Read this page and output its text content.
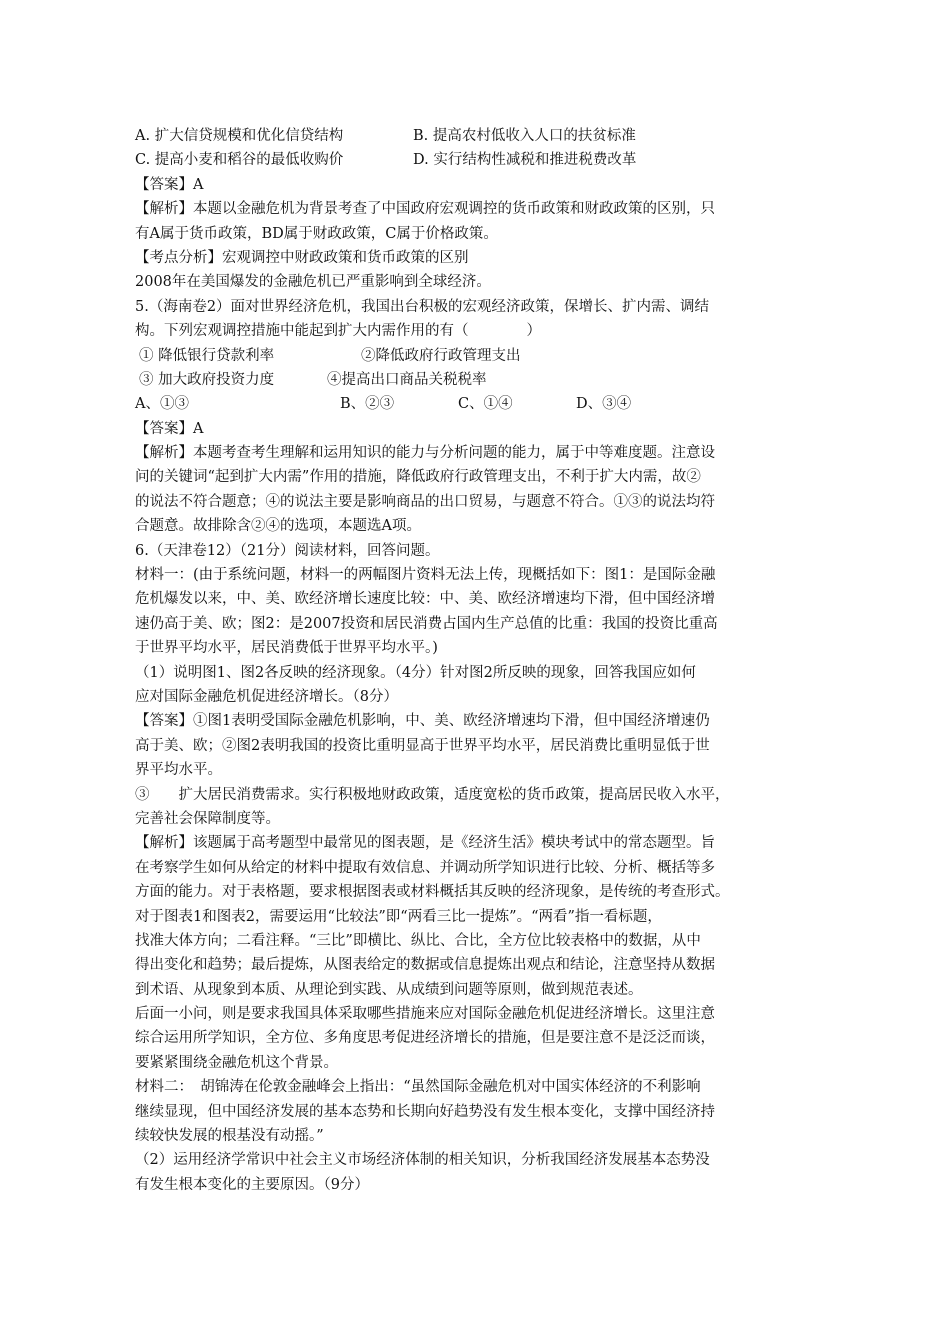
A. 扩大信贷规模和优化信贷结构	B. 提高农村低收入人口的扶贫标准
C. 提高小麦和稻谷的最低收购价	D. 实行结构性减税和推进税费改革
【答案】A
【解析】本题以金融危机为背景考查了中国政府宏观调控的货币政策和财政政策的区别，只
有A属于货币政策，BD属于财政政策，C属于价格政策。
【考点分析】宏观调控中财政政策和货币政策的区别
2008年在美国爆发的金融危机已严重影响到全球经济。
5.（海南卷2）面对世界经济危机，我国出台积极的宏观经济政策，保增长、扩内需、调结
构。下列宏观调控措施中能起到扩大内需作用的有（　　　　）
① 降低银行贷款利率	②降低政府行政管理支出
③ 加大政府投资力度	④提高出口商品关税税率
A、①③	B、②③	C、①④	D、③④
【答案】A
【解析】本题考查考生理解和运用知识的能力与分析问题的能力，属于中等难度题。注意设
问的关键词“起到扩大内需”作用的措施，降低政府行政管理支出，不利于扩大内需，故②
的说法不符合题意；④的说法主要是影响商品的出口贸易，与题意不符合。①③的说法均符
合题意。故排除含②④的选项，本题选A项。
6.（天津卷12）（21分）阅读材料，回答问题。
材料一：(由于系统问题，材料一的两幅图片资料无法上传，现概括如下：图1：是国际金融
危机爆发以来，中、美、欧经济增长速度比较：中、美、欧经济增速均下滑，但中国经济增
速仍高于美、欧；图2：是2007投资和居民消费占国内生产总值的比重：我国的投资比重高
于世界平均水平，居民消费低于世界平均水平。)
（1）说明图1、图2各反映的经济现象。（4分）针对图2所反映的现象，回答我国应如何
应对国际金融危机促进经济增长。（8分）
【答案】①图1表明受国际金融危机影响，中、美、欧经济增速均下滑，但中国经济增速仍
高于美、欧；②图2表明我国的投资比重明显高于世界平均水平，居民消费比重明显低于世
界平均水平。
③　　扩大居民消费需求。实行积极地财政政策，适度宽松的货币政策，提高居民收入水平，
完善社会保障制度等。
【解析】该题属于高考题型中最常见的图表题，是《经济生活》模块考试中的常态题型。旨
在考察学生如何从给定的材料中提取有效信息、并调动所学知识进行比较、分析、概括等多
方面的能力。对于表格题，要求根据图表或材料概括其反映的经济现象，是传统的考查形式。
对于图表1和图表2，需要运用“比较法”即“两看三比一提炼”。“两看”指一看标题，
找准大体方向；二看注释。“三比”即横比、纵比、合比，全方位比较表格中的数据，从中
得出变化和趋势；最后提炼，从图表给定的数据或信息提炼出观点和结论，注意坚持从数据
到术语、从现象到本质、从理论到实践、从成绩到问题等原则，做到规范表述。
后面一小问，则是要求我国具体采取哪些措施来应对国际金融危机促进经济增长。这里注意
综合运用所学知识，全方位、多角度思考促进经济增长的措施，但是要注意不是泛泛而谈，
要紧紧围绕金融危机这个背景。
材料二：　胡锦涛在伦敦金融峰会上指出：“虽然国际金融危机对中国实体经济的不利影响
继续显现，但中国经济发展的基本态势和长期向好趋势没有发生根本变化，支撑中国经济持
续较快发展的根基没有动摇。”
（2）运用经济学常识中社会主义市场经济体制的相关知识，分析我国经济发展基本态势没
有发生根本变化的主要原因。（9分）
